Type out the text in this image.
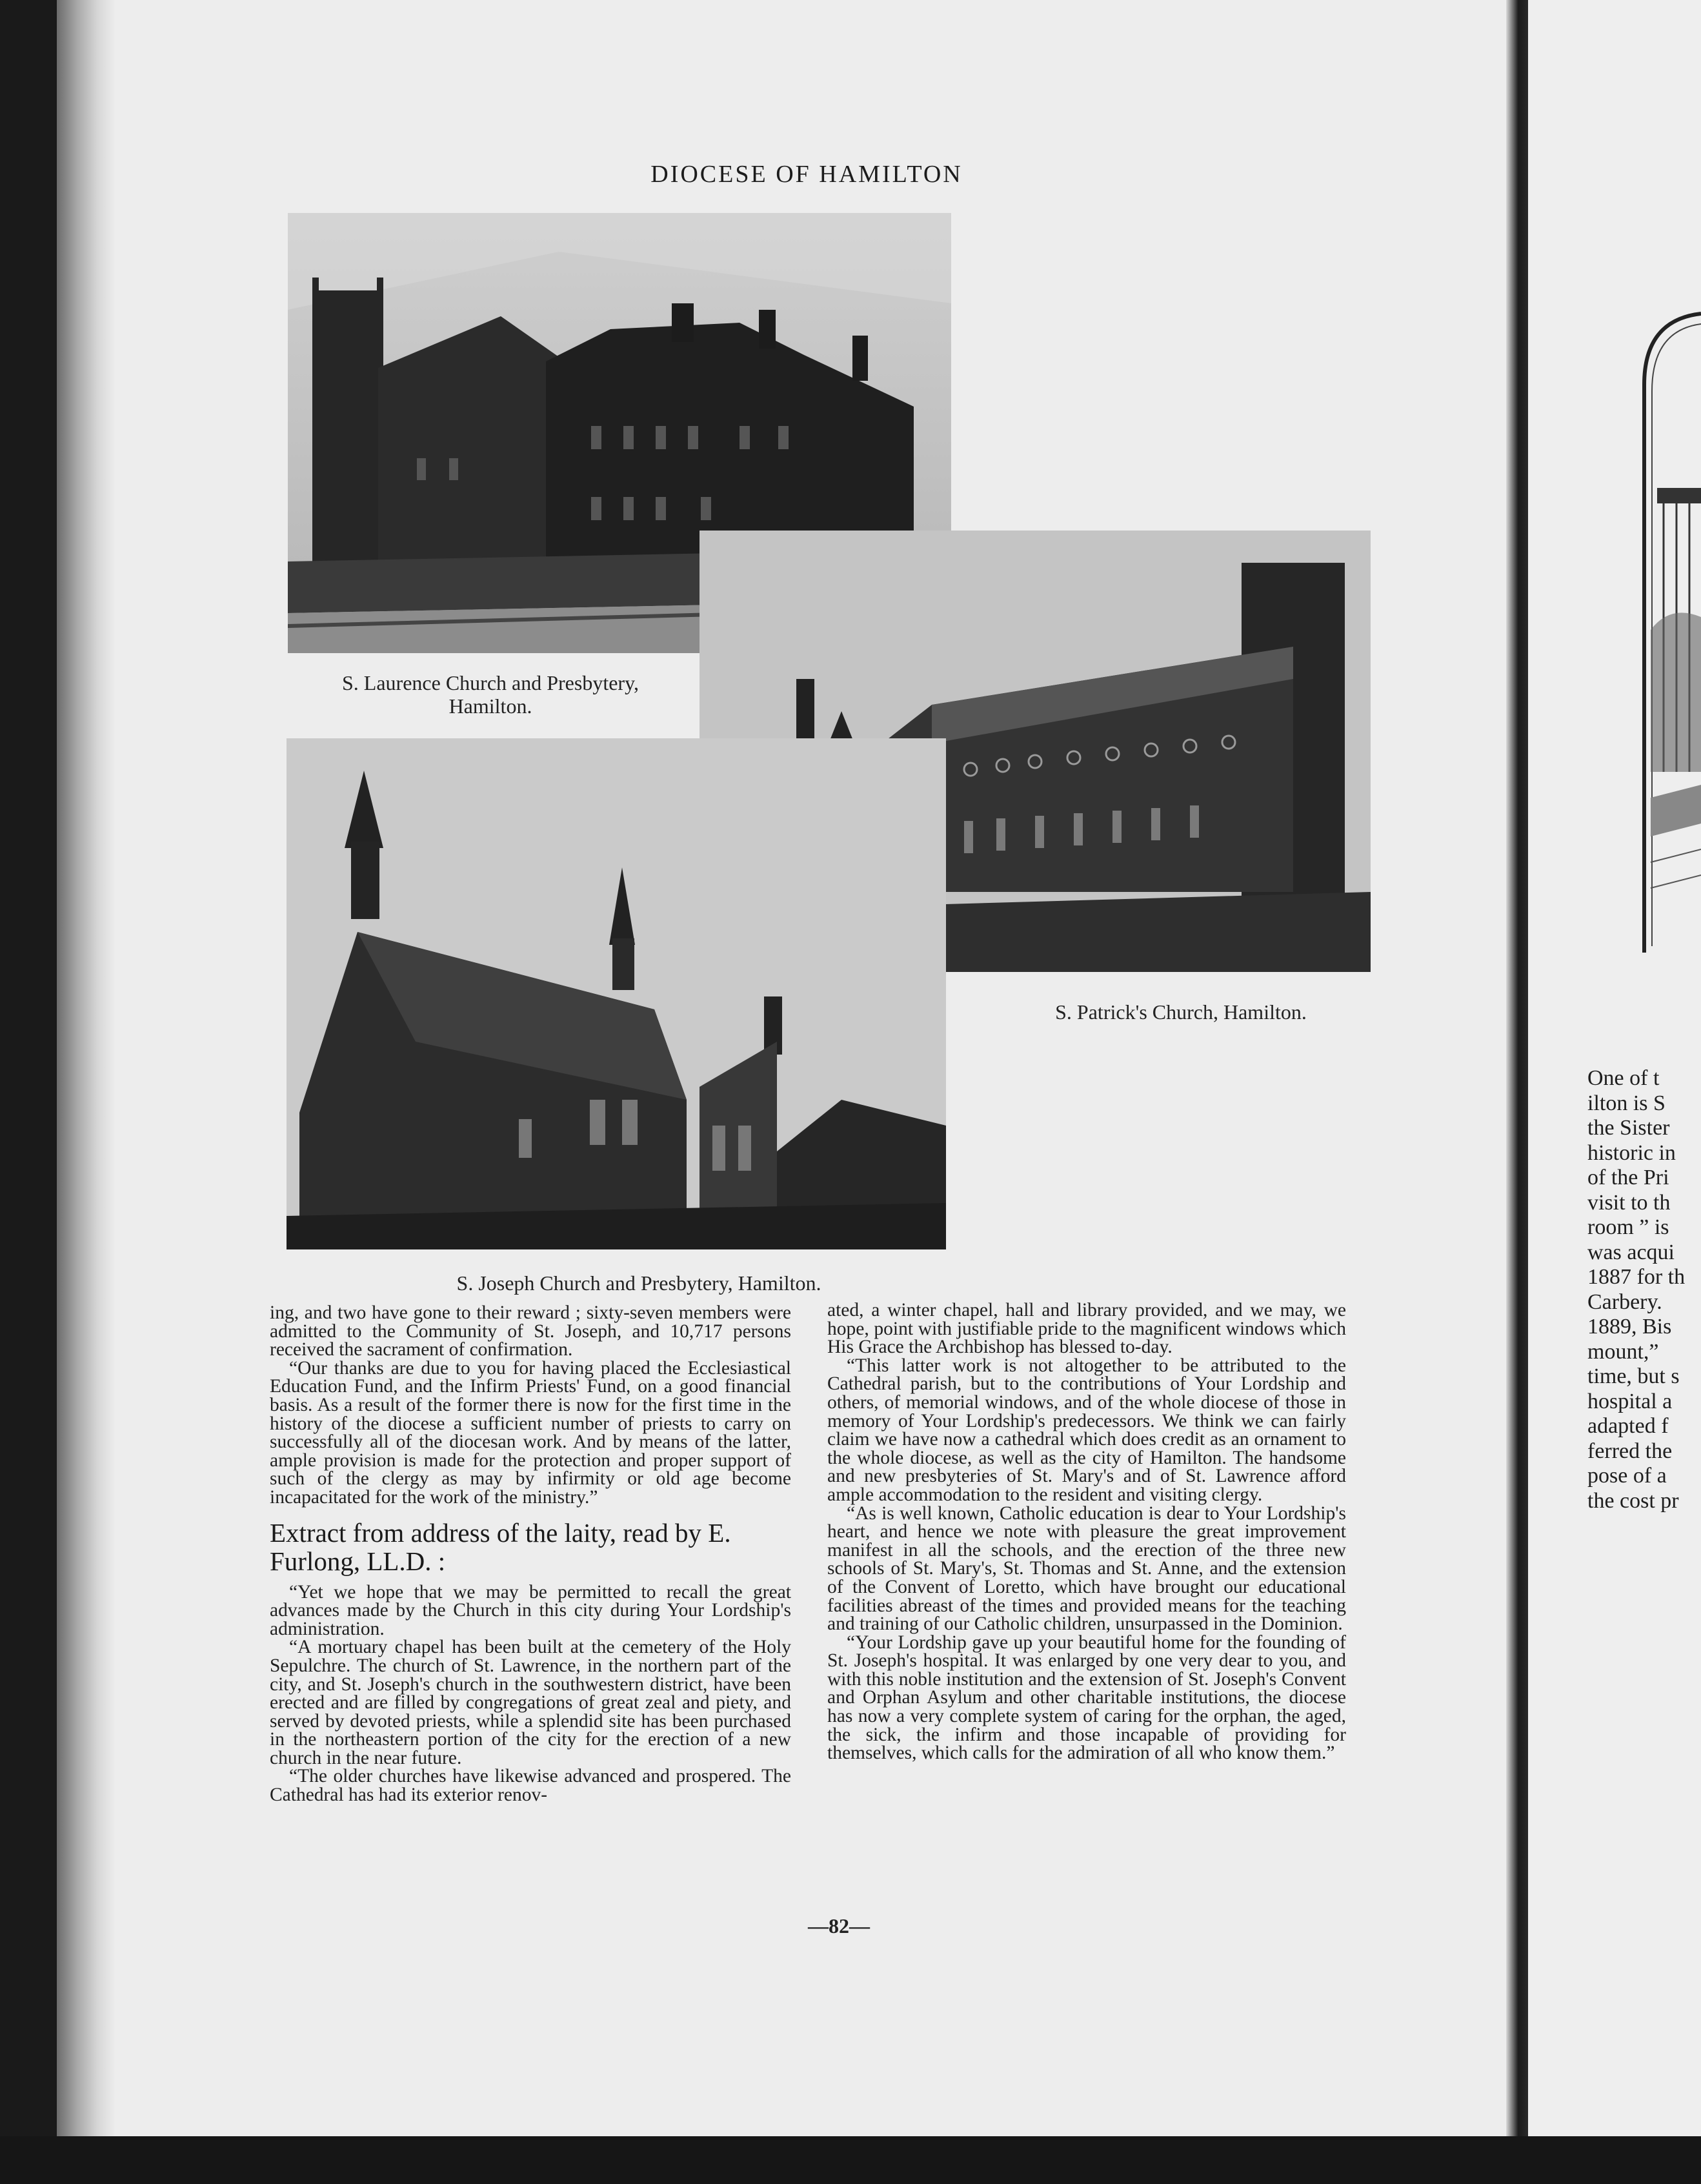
DIOCESE OF HAMILTON
S. Laurence Church and Presbytery,
Hamilton.
S. Patrick's Church, Hamilton.
S. Joseph Church and Presbytery, Hamilton.

ing, and two have gone to their reward ; sixty-seven members were admitted to the Community of St. Joseph, and 10,717 persons received the sacrament of confirmation.

“Our thanks are due to you for having placed the Ecclesiastical Education Fund, and the Infirm Priests' Fund, on a good financial basis. As a result of the former there is now for the first time in the history of the diocese a sufficient number of priests to carry on successfully all of the diocesan work. And by means of the latter, ample provision is made for the protection and proper support of such of the clergy as may by infirmity or old age become incapacitated for the work of the ministry.”

Extract from address of the laity, read by E. Furlong, LL.D. :

“Yet we hope that we may be permitted to recall the great advances made by the Church in this city during Your Lordship's administration.

“A mortuary chapel has been built at the cemetery of the Holy Sepulchre. The church of St. Lawrence, in the northern part of the city, and St. Joseph's church in the southwestern district, have been erected and are filled by congregations of great zeal and piety, and served by devoted priests, while a splendid site has been purchased in the northeastern portion of the city for the erection of a new church in the near future.

“The older churches have likewise advanced and prospered. The Cathedral has had its exterior renov-

ated, a winter chapel, hall and library provided, and we may, we hope, point with justifiable pride to the magnificent windows which His Grace the Archbishop has blessed to-day.

“This latter work is not altogether to be attributed to the Cathedral parish, but to the contributions of Your Lordship and others, of memorial windows, and of the whole diocese of those in memory of Your Lordship's predecessors. We think we can fairly claim we have now a cathedral which does credit as an ornament to the whole diocese, as well as the city of Hamilton. The handsome and new presbyteries of St. Mary's and of St. Lawrence afford ample accommodation to the resident and visiting clergy.

“As is well known, Catholic education is dear to Your Lordship's heart, and hence we note with pleasure the great improvement manifest in all the schools, and the erection of the three new schools of St. Mary's, St. Thomas and St. Anne, and the extension of the Convent of Loretto, which have brought our educational facilities abreast of the times and provided means for the teaching and training of our Catholic children, unsurpassed in the Dominion.

“Your Lordship gave up your beautiful home for the founding of St. Joseph's hospital. It was enlarged by one very dear to you, and with this noble institution and the extension of St. Joseph's Convent and Orphan Asylum and other charitable institutions, the diocese has now a very complete system of caring for the orphan, the aged, the sick, the infirm and those incapable of providing for themselves, which calls for the admiration of all who know them.”

—82—
One of t
ilton is S
the Sister
historic in
of the Pri
visit to th
room ” is
was acqui
1887 for th
Carbery.
1889, Bis
mount,”
time, but s
hospital a
adapted f
ferred the
pose of a
the cost pr
